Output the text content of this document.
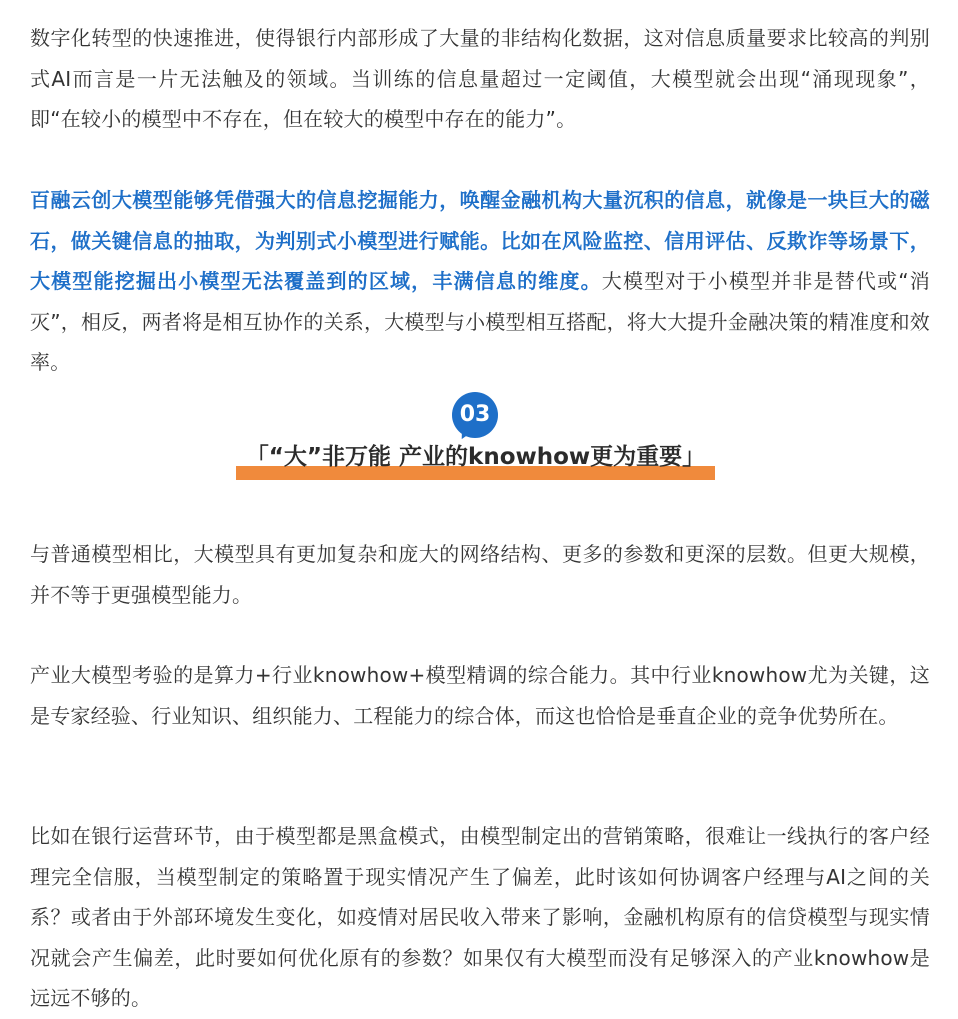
数字化转型的快速推进，使得银行内部形成了大量的非结构化数据，这对信息质量要求比较高的判别式AI而言是一片无法触及的领域。当训练的信息量超过一定阈值，大模型就会出现“涌现现象”，即“在较小的模型中不存在，但在较大的模型中存在的能力”。

百融云创大模型能够凭借强大的信息挖掘能力，唤醒金融机构大量沉积的信息，就像是一块巨大的磁石，做关键信息的抽取，为判别式小模型进行赋能。比如在风险监控、信用评估、反欺诈等场景下，大模型能挖掘出小模型无法覆盖到的区域，丰满信息的维度。大模型对于小模型并非是替代或“消灭”，相反，两者将是相互协作的关系，大模型与小模型相互搭配，将大大提升金融决策的精准度和效率。

03
「“大”非万能 产业的knowhow更为重要」

与普通模型相比，大模型具有更加复杂和庞大的网络结构、更多的参数和更深的层数。但更大规模，并不等于更强模型能力。

产业大模型考验的是算力+行业knowhow+模型精调的综合能力。其中行业knowhow尤为关键，这是专家经验、行业知识、组织能力、工程能力的综合体，而这也恰恰是垂直企业的竞争优势所在。

比如在银行运营环节，由于模型都是黑盒模式，由模型制定出的营销策略，很难让一线执行的客户经理完全信服，当模型制定的策略置于现实情况产生了偏差，此时该如何协调客户经理与AI之间的关系？或者由于外部环境发生变化，如疫情对居民收入带来了影响，金融机构原有的信贷模型与现实情况就会产生偏差，此时要如何优化原有的参数？如果仅有大模型而没有足够深入的产业knowhow是远远不够的。
